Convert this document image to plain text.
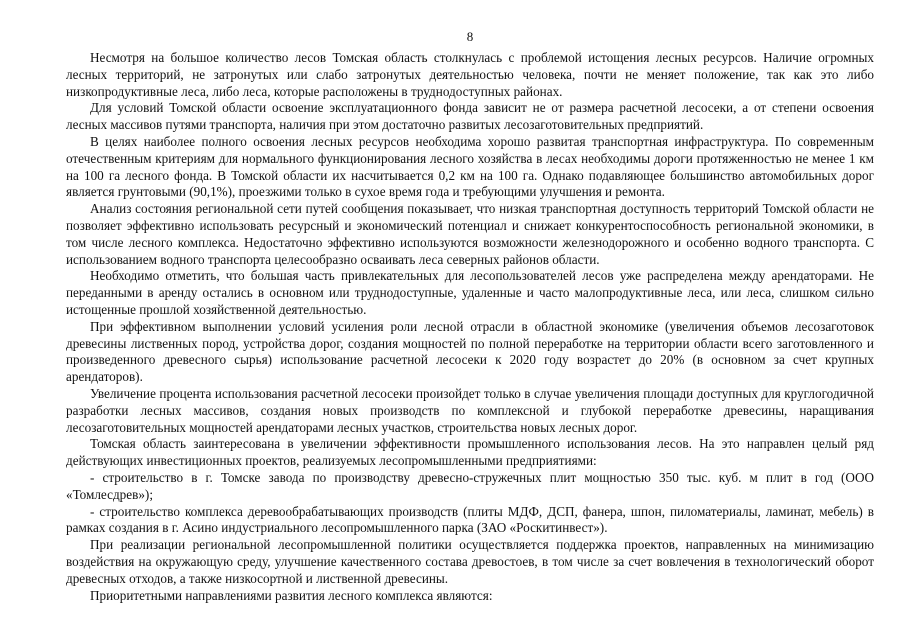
8

Несмотря на большое количество лесов Томская область столкнулась с проблемой истощения лесных ресурсов. Наличие огромных лесных территорий, не затронутых или слабо затронутых деятельностью человека, почти не меняет положение, так как это либо низкопродуктивные леса, либо леса, которые расположены в труднодоступных районах.

Для условий Томской области освоение эксплуатационного фонда зависит не от размера расчетной лесосеки, а от степени освоения лесных массивов путями транспорта, наличия при этом достаточно развитых лесозаготовительных предприятий.

В целях наиболее полного освоения лесных ресурсов необходима хорошо развитая транспортная инфраструктура. По современным отечественным критериям для нормального функционирования лесного хозяйства в лесах необходимы дороги протяженностью не менее 1 км на 100 га лесного фонда. В Томской области их насчитывается 0,2 км на 100 га. Однако подавляющее большинство автомобильных дорог является грунтовыми (90,1%), проезжими только в сухое время года и требующими улучшения и ремонта.

Анализ состояния региональной сети путей сообщения показывает, что низкая транспортная доступность территорий Томской области не позволяет эффективно использовать ресурсный и экономический потенциал и снижает конкурентоспособность региональной экономики, в том числе лесного комплекса. Недостаточно эффективно используются возможности железнодорожного и особенно водного транспорта. С использованием водного транспорта целесообразно осваивать леса северных районов области.

Необходимо отметить, что большая часть привлекательных для лесопользователей лесов уже распределена между арендаторами. Не переданными в аренду остались в основном или труднодоступные, удаленные и часто малопродуктивные леса, или леса, слишком сильно истощенные прошлой хозяйственной деятельностью.

При эффективном выполнении условий усиления роли лесной отрасли в областной экономике (увеличения объемов лесозаготовок древесины лиственных пород, устройства дорог, создания мощностей по полной переработке на территории области всего заготовленного и произведенного древесного сырья) использование расчетной лесосеки к 2020 году возрастет до 20% (в основном за счет крупных арендаторов).

Увеличение процента использования расчетной лесосеки произойдет только в случае увеличения площади доступных для круглогодичной разработки лесных массивов, создания новых производств по комплексной и глубокой переработке древесины, наращивания лесозаготовительных мощностей арендаторами лесных участков, строительства новых лесных дорог.

Томская область заинтересована в увеличении эффективности промышленного использования лесов. На это направлен целый ряд действующих инвестиционных проектов, реализуемых лесопромышленными предприятиями:

- строительство в г. Томске завода по производству древесно-стружечных плит мощностью 350 тыс. куб. м плит в год (ООО «Томлесдрев»);

- строительство комплекса деревообрабатывающих производств (плиты МДФ, ДСП, фанера, шпон, пиломатериалы, ламинат, мебель) в рамках создания в г. Асино индустриального лесопромышленного парка (ЗАО «Роскитинвест»).

При реализации региональной лесопромышленной политики осуществляется поддержка проектов, направленных на минимизацию воздействия на окружающую среду, улучшение качественного состава древостоев, в том числе за счет вовлечения в технологический оборот древесных отходов, а также низкосортной и лиственной древесины.

Приоритетными направлениями развития лесного комплекса являются:
